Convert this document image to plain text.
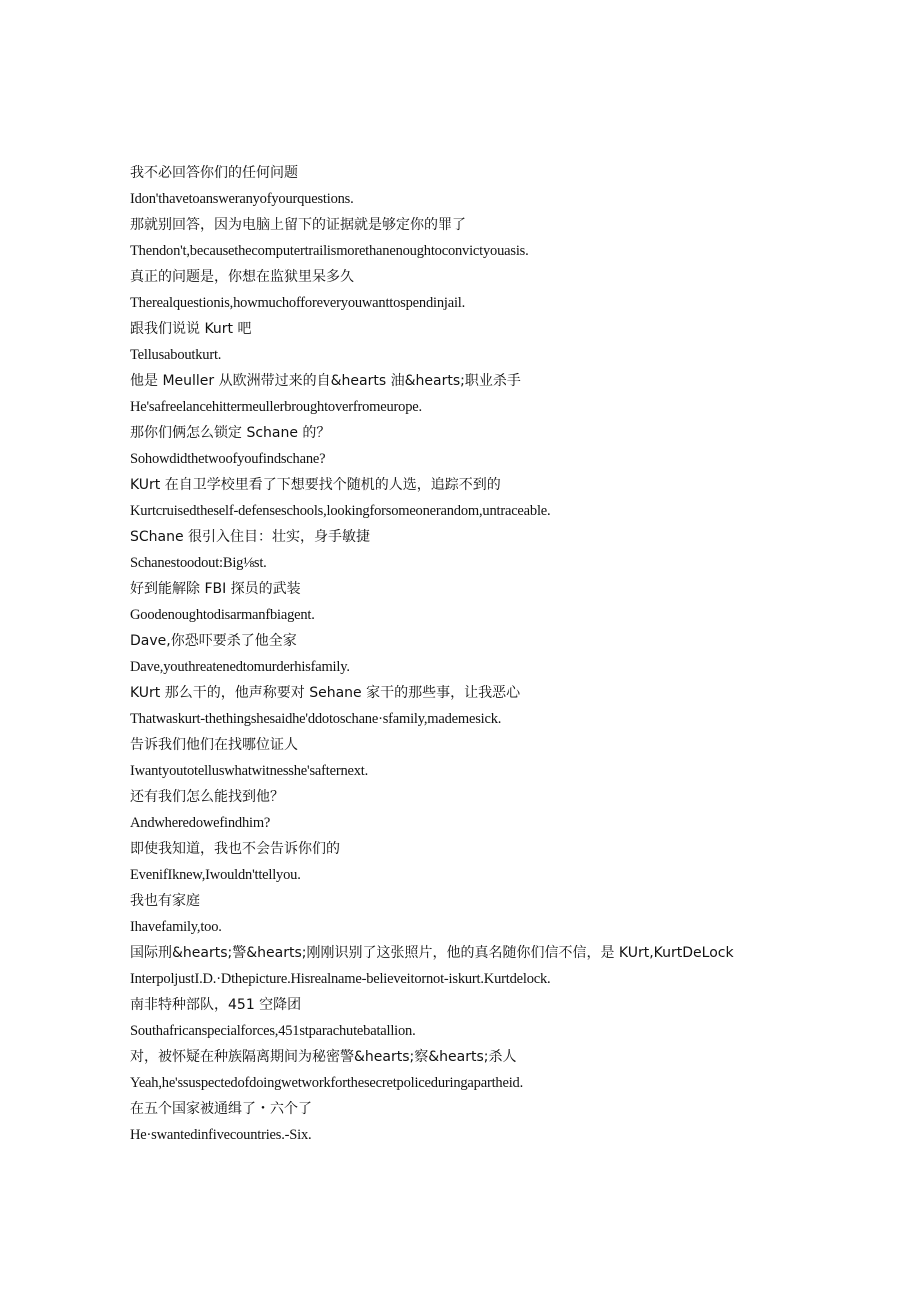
我不必回答你们的任何问题
Idon'thavetoansweranyofyourquestions.
那就别回答，因为电脑上留下的证据就是够定你的罪了
Thendon't,becausethecomputertrailismorethanenoughtoconvictyouasis.
真正的问题是，你想在监狱里呆多久
Therealquestionis,howmuchofforeveryouwanttospendinjail.
跟我们说说 Kurt 吧
Tellusaboutkurt.
他是 Meuller 从欧洲带过来的自&hearts 油&hearts;职业杀手
He'safreelancehittermeullerbroughtoverfromeurope.
那你们俩怎么锁定 Schane 的？
Sohowdidthetwoofyoufindschane?
KUrt 在自卫学校里看了下想要找个随机的人选，追踪不到的
Kurtcruisedtheself-defenseschools,lookingforsomeonerandom,untraceable.
SChane 很引入住目：壮实，身手敏捷
Schanestoodout:Big⅛st.
好到能解除 FBI 探员的武装
Goodenoughtodisarmanfbiagent.
Dave,你恐吓要杀了他全家
Dave,youthreatenedtomurderhisfamily.
KUrt 那么干的，他声称要对 Sehane 家干的那些事，让我恶心
Thatwaskurt-thethingshesaidhe'ddotoschane·sfamily,mademesick.
告诉我们他们在找哪位证人
Iwantyoutotelluswhatwitnesshe'safternext.
还有我们怎么能找到他？
Andwheredowefindhim?
即使我知道，我也不会告诉你们的
EvenifIknew,Iwouldn'ttellyou.
我也有家庭
Ihavefamily,too.
国际刑&hearts;警&hearts;刚刚识别了这张照片，他的真名随你们信不信，是 KUrt,KurtDeLock
InterpoljustI.D.·Dthepicture.Hisrealname-believeitornot-iskurt.Kurtdelock.
南非特种部队，451 空降团
Southafricanspecialforces,451stparachutebatallion.
对，被怀疑在种族隔离期间为秘密警&hearts;察&hearts;杀人
Yeah,he'ssuspectedofdoingwetworkforthesecretpoliceduringapartheid.
在五个国家被通缉了・六个了
He·swantedinfivecountries.-Six.
